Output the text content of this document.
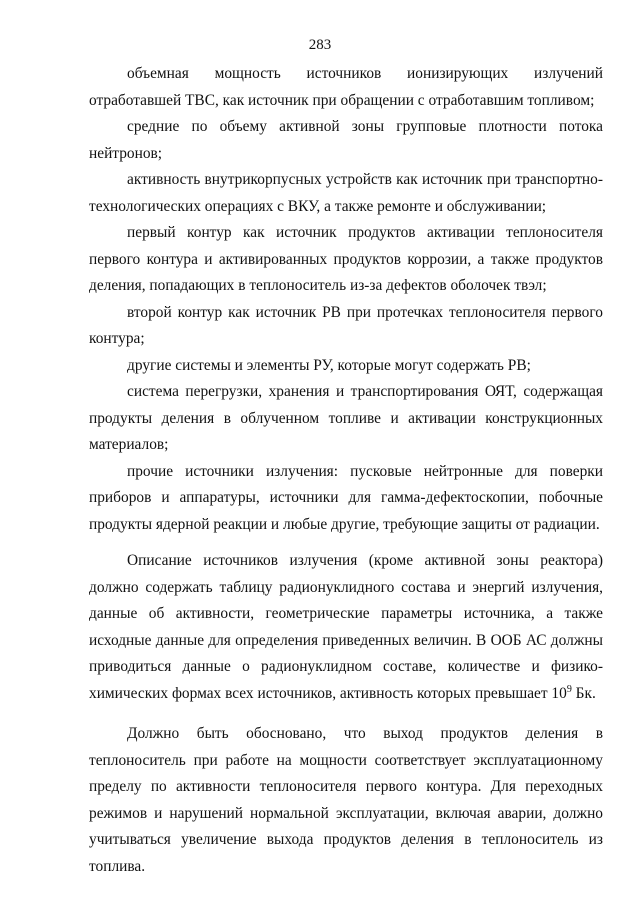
283

объемная мощность источников ионизирующих излучений отработавшей ТВС, как источник при обращении с отработавшим топливом;

средние по объему активной зоны групповые плотности потока нейтронов;

активность внутрикорпусных устройств как источник при транспортно-технологических операциях с ВКУ, а также ремонте и обслуживании;

первый контур как источник продуктов активации теплоносителя первого контура и активированных продуктов коррозии, а также продуктов деления, попадающих в теплоноситель из-за дефектов оболочек твэл;

второй контур как источник РВ при протечках теплоносителя первого контура;

другие системы и элементы РУ, которые могут содержать РВ;

система перегрузки, хранения и транспортирования ОЯТ, содержащая продукты деления в облученном топливе и активации конструкционных материалов;

прочие источники излучения: пусковые нейтронные для поверки приборов и аппаратуры, источники для гамма-дефектоскопии, побочные продукты ядерной реакции и любые другие, требующие защиты от радиации.

Описание источников излучения (кроме активной зоны реактора) должно содержать таблицу радионуклидного состава и энергий излучения, данные об активности, геометрические параметры источника, а также исходные данные для определения приведенных величин. В ООБ АС должны приводиться данные о радионуклидном составе, количестве и физико-химических формах всех источников, активность которых превышает $10^9$ Бк.

Должно быть обосновано, что выход продуктов деления в теплоноситель при работе на мощности соответствует эксплуатационному пределу по активности теплоносителя первого контура. Для переходных режимов и нарушений нормальной эксплуатации, включая аварии, должно учитываться увеличение выхода продуктов деления в теплоноситель из топлива.
